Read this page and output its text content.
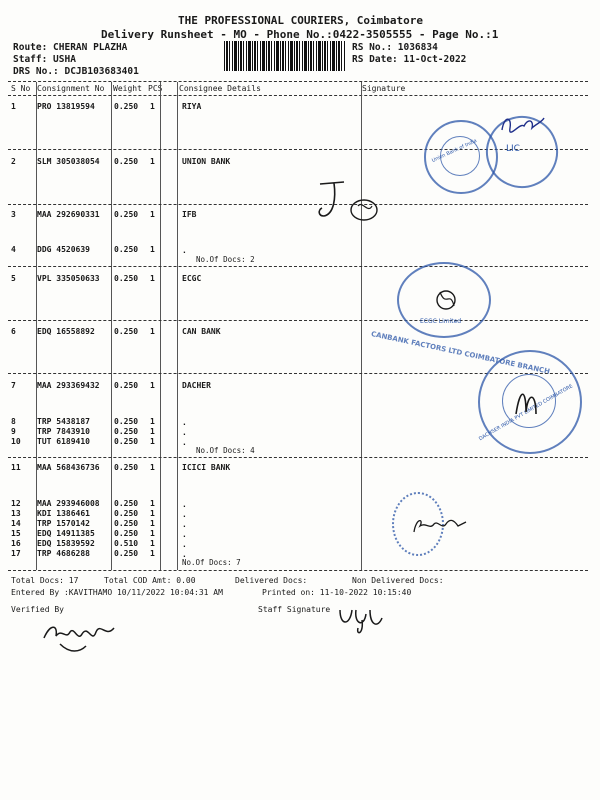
THE PROFESSIONAL COURIERS, Coimbatore
Delivery Runsheet - MO - Phone No.:0422-3505555 - Page No.:1
Route: CHERAN PLAZHA
Staff: USHA
DRS No.: DCJB103683401
RS No.: 1036834
RS Date: 11-Oct-2022
S No Consignment No Weight PCS Consignee Details	Signature
1	PRO 13819594 0.250 1	RIYA
2	SLM 305038054 0.250 1	UNION BANK
3	MAA 292690331 0.250 1	IFB
4	DDG 4520639	0.250 1	.
5	VPL 335050633 0.250 1	ECGC
6	EDQ 16558892 0.250 1	CAN BANK
7	MAA 293369432 0.250 1	DACHER
8	TRP 5438187	0.250 1	.
9	TRP 7843910	0.250 1	.
10 TUT 6189410	0.250 1	.
11 MAA 568436736 0.250 1	ICICI BANK
12 MAA 293946008 0.250 1	.
13 KDI 1386461	0.250 1	.
14 TRP 1570142	0.250 1	.
15 EDQ 14911385 0.250 1	.
16 EDQ 15839592 0.510 1	.
17 TRP 4686288	0.250 1	.
No.Of Docs: 2
No.Of Docs: 4
No.Of Docs: 7
Total Docs: 17	Total COD Amt: 0.00	Delivered Docs:	Non Delivered Docs:
Entered By :KAVITHAMO 10/11/2022 10:04:31 AM	Printed on: 11-10-2022 10:15:40
Verified By	Staff Signature
Union Bank of India	LIC
ECGC Limited
CANBANK FACTORS LTD COIMBATORE BRANCH
DACHSER INDIA PVT LIMITED COIMBATORE
